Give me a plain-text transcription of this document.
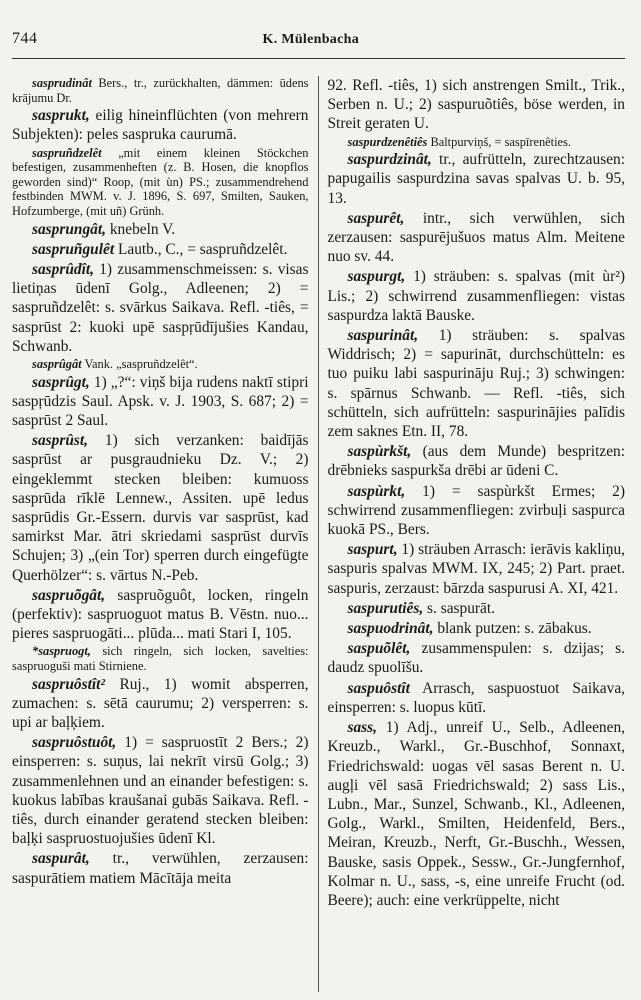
744	K. Mülenbacha

sasprudinât Bers., tr., zurückhalten, dämmen: ūdens krājumu Dr.

sasprukt, eilig hineinflüchten (von mehrern Subjekten): peles saspruka caurumā.

saspruñdzelêt „mit einem kleinen Stöckchen befestigen, zusammenheften (z. B. Hosen, die knopflos geworden sind)“ Roop, (mit ùn) PS.; zusammendrehend festbinden MWM. v. J. 1896, S. 697, Smilten, Sauken, Hofzumberge, (mit uñ) Grünh.

sasprungât, knebeln V.

saspruñgulêt Lautb., C., = saspruñdzelêt.

sasprûdît, 1) zusammenschmeissen: s. visas lietiņas ūdenī Golg., Adleenen; 2) = saspruñdzelêt: s. svārkus Saikava. Refl. -tiês, = sasprūst 2: kuoki upē saspŗūdījušies Kandau, Schwanb.

sasprûgât Vank. „saspruñdzelêt“.

sasprûgt, 1) „?“: viņš bija rudens naktī stipri saspŗūdzis Saul. Apsk. v. J. 1903, S. 687; 2) = sasprūst 2 Saul.

sasprûst, 1) sich verzanken: baidījās sasprūst ar pusgraudnieku Dz. V.; 2) eingeklemmt stecken bleiben: kumuoss sasprūda rīklē Lennew., Assiten. upē ledus sasprūdis Gr.-Essern. durvis var sasprūst, kad samirkst Mar. ātri skriedami sasprūst durvīs Schujen; 3) „(ein Tor) sperren durch eingefügte Querhölzer“: s. vārtus N.-Peb.

saspruõgât, saspruõguôt, locken, ringeln (perfektiv): saspruoguot matus B. Vēstn. nuo... pieres saspruogāti... plūda... mati Stari I, 105.

*saspruogt, sich ringeln, sich locken, savelties: saspruoguši mati Stirniene.

saspruôstît² Ruj., 1) womit absperren, zumachen: s. sētā caurumu; 2) versperren: s. upi ar baļķiem.

saspruôstuôt, 1) = saspruostīt 2 Bers.; 2) einsperren: s. suņus, lai nekrīt virsū Golg.; 3) zusammenlehnen und an einander befestigen: s. kuokus labības kraušanai gubās Saikava. Refl. -tiês, durch einander geratend stecken bleiben: baļķi saspruostuojušies ūdenī Kl.

saspurât, tr., verwühlen, zerzausen: saspurātiem matiem Mācītāja meita

92. Refl. -tiês, 1) sich anstrengen Smilt., Trik., Serben n. U.; 2) saspuruõtiês, böse werden, in Streit geraten U.

saspurdzenêtiês Baltpurviņš, = saspīrenêties.

saspurdzinât, tr., aufrütteln, zurechtzausen: papugailis saspurdzina savas spalvas U. b. 95, 13.

saspurêt, intr., sich verwühlen, sich zerzausen: saspurējušuos matus Alm. Meitene nuo sv. 44.

saspurgt, 1) sträuben: s. spalvas (mit ùr²) Lis.; 2) schwirrend zusammenfliegen: vistas saspurdza laktā Bauske.

saspurinât, 1) sträuben: s. spalvas Widdrisch; 2) = sapurināt, durchschütteln: es tuo puiku labi saspurināju Ruj.; 3) schwingen: s. spārnus Schwanb. — Refl. -tiês, sich schütteln, sich aufrütteln: saspurinājies palīdis zem saknes Etn. II, 78.

saspùrkšt, (aus dem Munde) bespritzen: drēbnieks saspurkša drēbi ar ūdeni C.

saspùrkt, 1) = saspùrkšt Ermes; 2) schwirrend zusammenfliegen: zvirbuļi saspurca kuokā PS., Bers.

saspurt, 1) sträuben Arrasch: ierāvis kakliņu, saspuris spalvas MWM. IX, 245; 2) Part. praet. saspuris, zerzaust: bārzda saspurusi A. XI, 421.

saspurutiês, s. saspurāt.

saspuodrinât, blank putzen: s. zābakus.

saspuõlêt, zusammenspulen: s. dzijas; s. daudz spuolīšu.

saspuôstît Arrasch, saspuostuot Saikava, einsperren: s. luopus kūtī.

sass, 1) Adj., unreif U., Selb., Adleenen, Kreuzb., Warkl., Gr.-Buschhof, Sonnaxt, Friedrichswald: uogas vēl sasas Berent n. U. augļi vēl sasā Friedrichswald; 2) sass Lis., Lubn., Mar., Sunzel, Schwanb., Kl., Adleenen, Golg., Warkl., Smilten, Heidenfeld, Bers., Meiran, Kreuzb., Nerft, Gr.-Buschh., Wessen, Bauske, sasis Oppek., Sessw., Gr.-Jungfernhof, Kolmar n. U., sass, -s, eine unreife Frucht (od. Beere); auch: eine verkrüppelte, nicht
